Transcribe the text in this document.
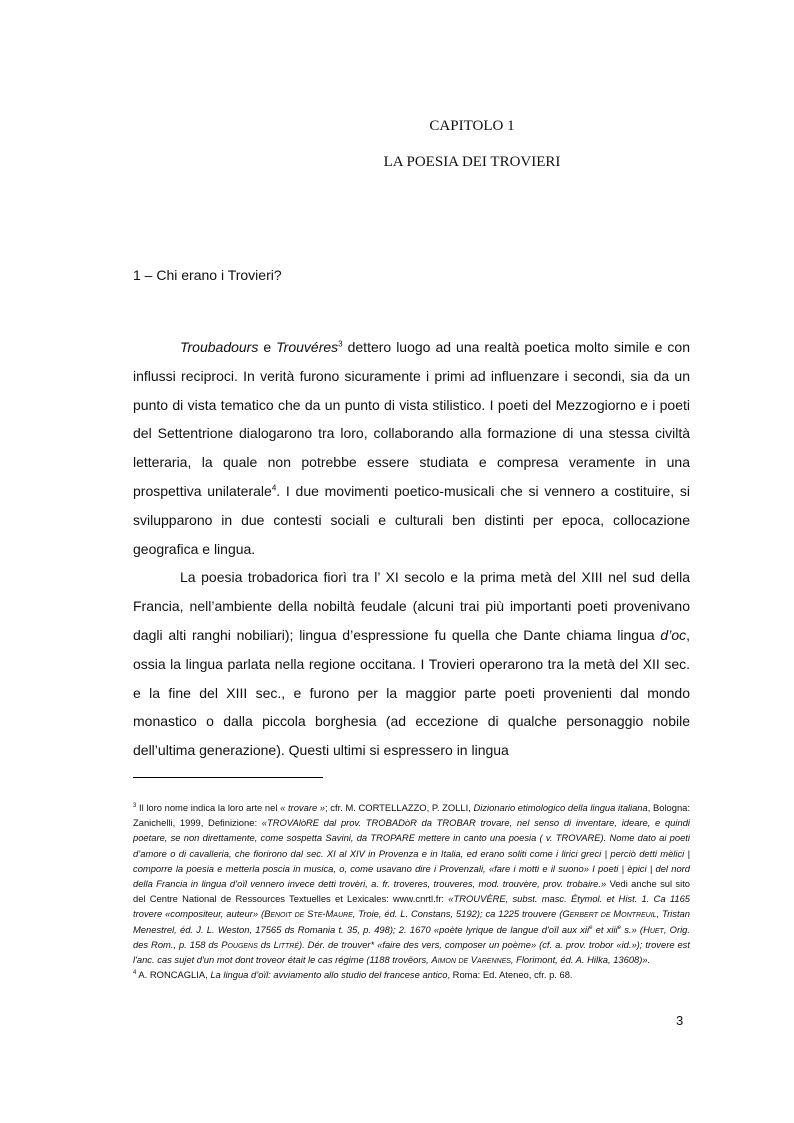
CAPITOLO 1
LA POESIA DEI TROVIERI
1 – Chi erano i Trovieri?

Troubadours e Trouvéres$^3$ dettero luogo ad una realtà poetica molto simile e con influssi reciproci. In verità furono sicuramente i primi ad influenzare i secondi, sia da un punto di vista tematico che da un punto di vista stilistico. I poeti del Mezzogiorno e i poeti del Settentrione dialogarono tra loro, collaborando alla formazione di una stessa civiltà letteraria, la quale non potrebbe essere studiata e compresa veramente in una prospettiva unilaterale$^4$. I due movimenti poetico-musicali che si vennero a costituire, si svilupparono in due contesti sociali e culturali ben distinti per epoca, collocazione geografica e lingua.

La poesia trobadorica fiorì tra l’ XI secolo e la prima metà del XIII nel sud della Francia, nell’ambiente della nobiltà feudale (alcuni trai più importanti poeti provenivano dagli alti ranghi nobiliari); lingua d’espressione fu quella che Dante chiama lingua d’oc, ossia la lingua parlata nella regione occitana. I Trovieri operarono tra la metà del XII sec. e la fine del XIII sec., e furono per la maggior parte poeti provenienti dal mondo monastico o dalla piccola borghesia (ad eccezione di qualche personaggio nobile dell’ultima generazione). Questi ultimi si espressero in lingua

$^3$ Il loro nome indica la loro arte nel « trovare »; cfr. M. CORTELLAZZO, P. ZOLLI, Dizionario etimologico della lingua italiana, Bologna: Zanichelli, 1999, Definizione: «TROVAlòRE dal prov. TROBADòR da TROBAR trovare, nel senso di inventare, ideare, e quindi poetare, se non direttamente, come sospetta Savini, da TROPARE mettere in canto una poesia ( v. TROVARE). Nome dato ai poeti d’amore o di cavalleria, che fiorirono dal sec. XI al XIV in Provenza e in Italia, ed erano soliti come i lirici greci | perciò detti mèlici | comporre la poesia e metterla poscia in musica, o, come usavano dire i Provenzali, «fare i motti e il suono» I poeti | èpici | del nord della Francia in lingua d’oïl vennero invece detti trovèri, a. fr. troveres, trouveres, mod. trouvère, prov. trobaire.» Vedi anche sul sito del Centre National de Ressources Textuelles et Lexicales: www.cnrtl.fr: «TROUVÈRE, subst. masc. Étymol. et Hist. 1. Ca 1165 trovere «compositeur, auteur» (Benoit de Ste-Maure, Troie, éd. L. Constans, 5192); ca 1225 trouvere (Gerbert de Montreuil, Tristan Menestrel, éd. J. L. Weston, 17565 ds Romania t. 35, p. 498); 2. 1670 «poète lyrique de langue d'oïl aux xii$^e$ et xiii$^e$ s.» (Huet, Orig. des Rom., p. 158 ds Pougens ds Littré). Dér. de trouver* «faire des vers, composer un poème» (cf. a. prov. trobor «id.»); trovere est l'anc. cas sujet d'un mot dont troveor était le cas régime (1188 trovëors, Aimon de Varennes, Florimont, éd. A. Hilka, 13608)».

$^4$ A. RONCAGLIA, La lingua d’oïl: avviamento allo studio del francese antico, Roma: Ed. Ateneo, cfr. p. 68.

3
